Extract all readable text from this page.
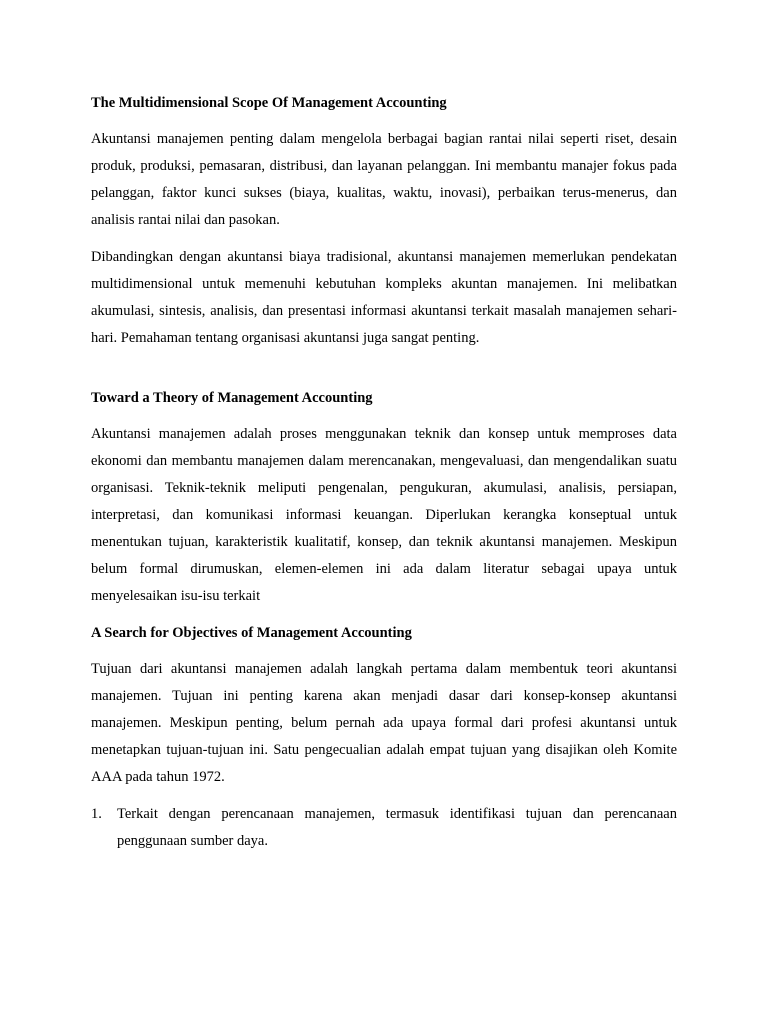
The Multidimensional Scope Of Management Accounting

Akuntansi manajemen penting dalam mengelola berbagai bagian rantai nilai seperti riset, desain produk, produksi, pemasaran, distribusi, dan layanan pelanggan. Ini membantu manajer fokus pada pelanggan, faktor kunci sukses (biaya, kualitas, waktu, inovasi), perbaikan terus-menerus, dan analisis rantai nilai dan pasokan.

Dibandingkan dengan akuntansi biaya tradisional, akuntansi manajemen memerlukan pendekatan multidimensional untuk memenuhi kebutuhan kompleks akuntan manajemen. Ini melibatkan akumulasi, sintesis, analisis, dan presentasi informasi akuntansi terkait masalah manajemen sehari-hari. Pemahaman tentang organisasi akuntansi juga sangat penting.

Toward a Theory of Management Accounting

Akuntansi manajemen adalah proses menggunakan teknik dan konsep untuk memproses data ekonomi dan membantu manajemen dalam merencanakan, mengevaluasi, dan mengendalikan suatu organisasi. Teknik-teknik meliputi pengenalan, pengukuran, akumulasi, analisis, persiapan, interpretasi, dan komunikasi informasi keuangan. Diperlukan kerangka konseptual untuk menentukan tujuan, karakteristik kualitatif, konsep, dan teknik akuntansi manajemen. Meskipun belum formal dirumuskan, elemen-elemen ini ada dalam literatur sebagai upaya untuk menyelesaikan isu-isu terkait

A Search for Objectives of Management Accounting

Tujuan dari akuntansi manajemen adalah langkah pertama dalam membentuk teori akuntansi manajemen. Tujuan ini penting karena akan menjadi dasar dari konsep-konsep akuntansi manajemen. Meskipun penting, belum pernah ada upaya formal dari profesi akuntansi untuk menetapkan tujuan-tujuan ini. Satu pengecualian adalah empat tujuan yang disajikan oleh Komite AAA pada tahun 1972.

1.	Terkait dengan perencanaan manajemen, termasuk identifikasi tujuan dan perencanaan penggunaan sumber daya.
